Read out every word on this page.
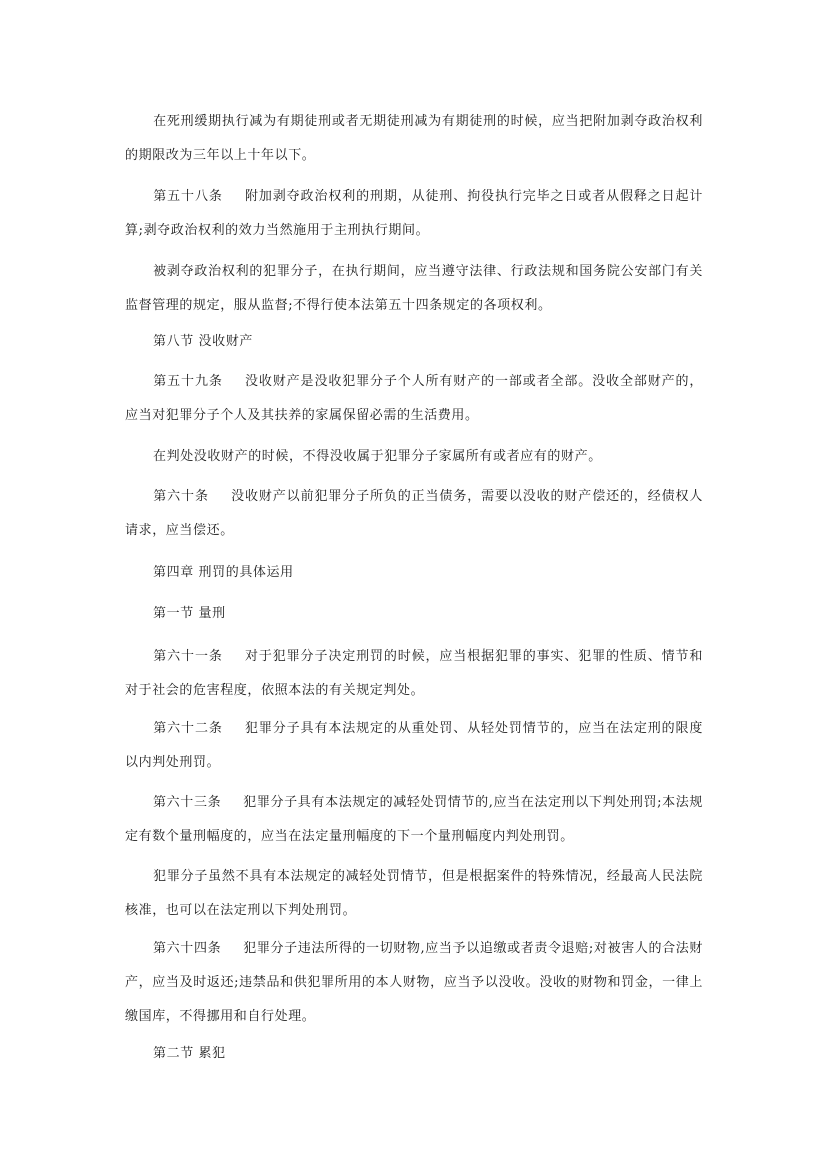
在死刑缓期执行减为有期徒刑或者无期徒刑减为有期徒刑的时候，应当把附加剥夺政治权利的期限改为三年以上十年以下。

第五十八条 附加剥夺政治权利的刑期，从徒刑、拘役执行完毕之日或者从假释之日起计算;剥夺政治权利的效力当然施用于主刑执行期间。

被剥夺政治权利的犯罪分子，在执行期间，应当遵守法律、行政法规和国务院公安部门有关监督管理的规定，服从监督;不得行使本法第五十四条规定的各项权利。

第八节 没收财产

第五十九条 没收财产是没收犯罪分子个人所有财产的一部或者全部。没收全部财产的，应当对犯罪分子个人及其扶养的家属保留必需的生活费用。

在判处没收财产的时候，不得没收属于犯罪分子家属所有或者应有的财产。

第六十条 没收财产以前犯罪分子所负的正当债务，需要以没收的财产偿还的，经债权人请求，应当偿还。

第四章 刑罚的具体运用

第一节 量刑

第六十一条 对于犯罪分子决定刑罚的时候，应当根据犯罪的事实、犯罪的性质、情节和对于社会的危害程度，依照本法的有关规定判处。

第六十二条 犯罪分子具有本法规定的从重处罚、从轻处罚情节的，应当在法定刑的限度以内判处刑罚。

第六十三条 犯罪分子具有本法规定的减轻处罚情节的,应当在法定刑以下判处刑罚;本法规定有数个量刑幅度的，应当在法定量刑幅度的下一个量刑幅度内判处刑罚。

犯罪分子虽然不具有本法规定的减轻处罚情节，但是根据案件的特殊情况，经最高人民法院核准，也可以在法定刑以下判处刑罚。

第六十四条 犯罪分子违法所得的一切财物,应当予以追缴或者责令退赔;对被害人的合法财产，应当及时返还;违禁品和供犯罪所用的本人财物，应当予以没收。没收的财物和罚金，一律上缴国库，不得挪用和自行处理。

第二节 累犯
